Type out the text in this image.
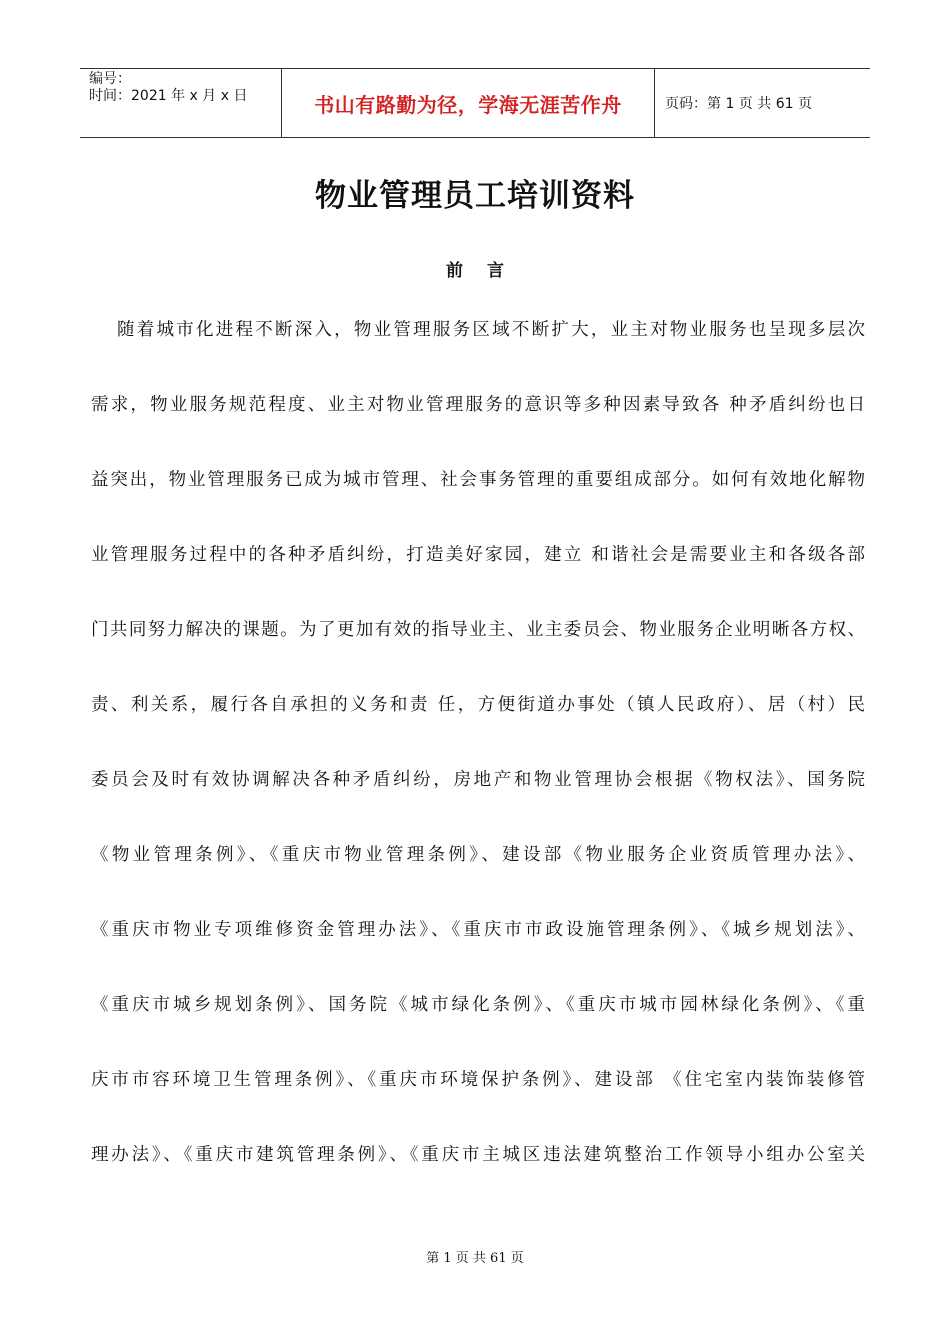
编号：
时间：2021 年 x 月 x 日	书山有路勤为径，学海无涯苦作舟	页码：第 1 页 共 61 页
物业管理员工培训资料
前 言
随着城市化进程不断深入，物业管理服务区域不断扩大，业主对物业服务也呈现多层次
需求，物业服务规范程度、业主对物业管理服务的意识等多种因素导致各 种矛盾纠纷也日
益突出，物业管理服务已成为城市管理、社会事务管理的重要组成部分。如何有效地化解物
业管理服务过程中的各种矛盾纠纷，打造美好家园，建立 和谐社会是需要业主和各级各部
门共同努力解决的课题。为了更加有效的指导业主、业主委员会、物业服务企业明晰各方权、
责、利关系，履行各自承担的义务和责 任，方便街道办事处（镇人民政府）、居（村）民
委员会及时有效协调解决各种矛盾纠纷，房地产和物业管理协会根据《物权法》、国务院
《物业管理条例》、《重庆市物业管理条例》、建设部《物业服务企业资质管理办法》、
《重庆市物业专项维修资金管理办法》、《重庆市市政设施管理条例》、《城乡规划法》、
《重庆市城乡规划条例》、国务院《城市绿化条例》、《重庆市城市园林绿化条例》、《重
庆市市容环境卫生管理条例》、《重庆市环境保护条例》、建设部 《住宅室内装饰装修管
理办法》、《重庆市建筑管理条例》、《重庆市主城区违法建筑整治工作领导小组办公室关
第 1 页 共 61 页
